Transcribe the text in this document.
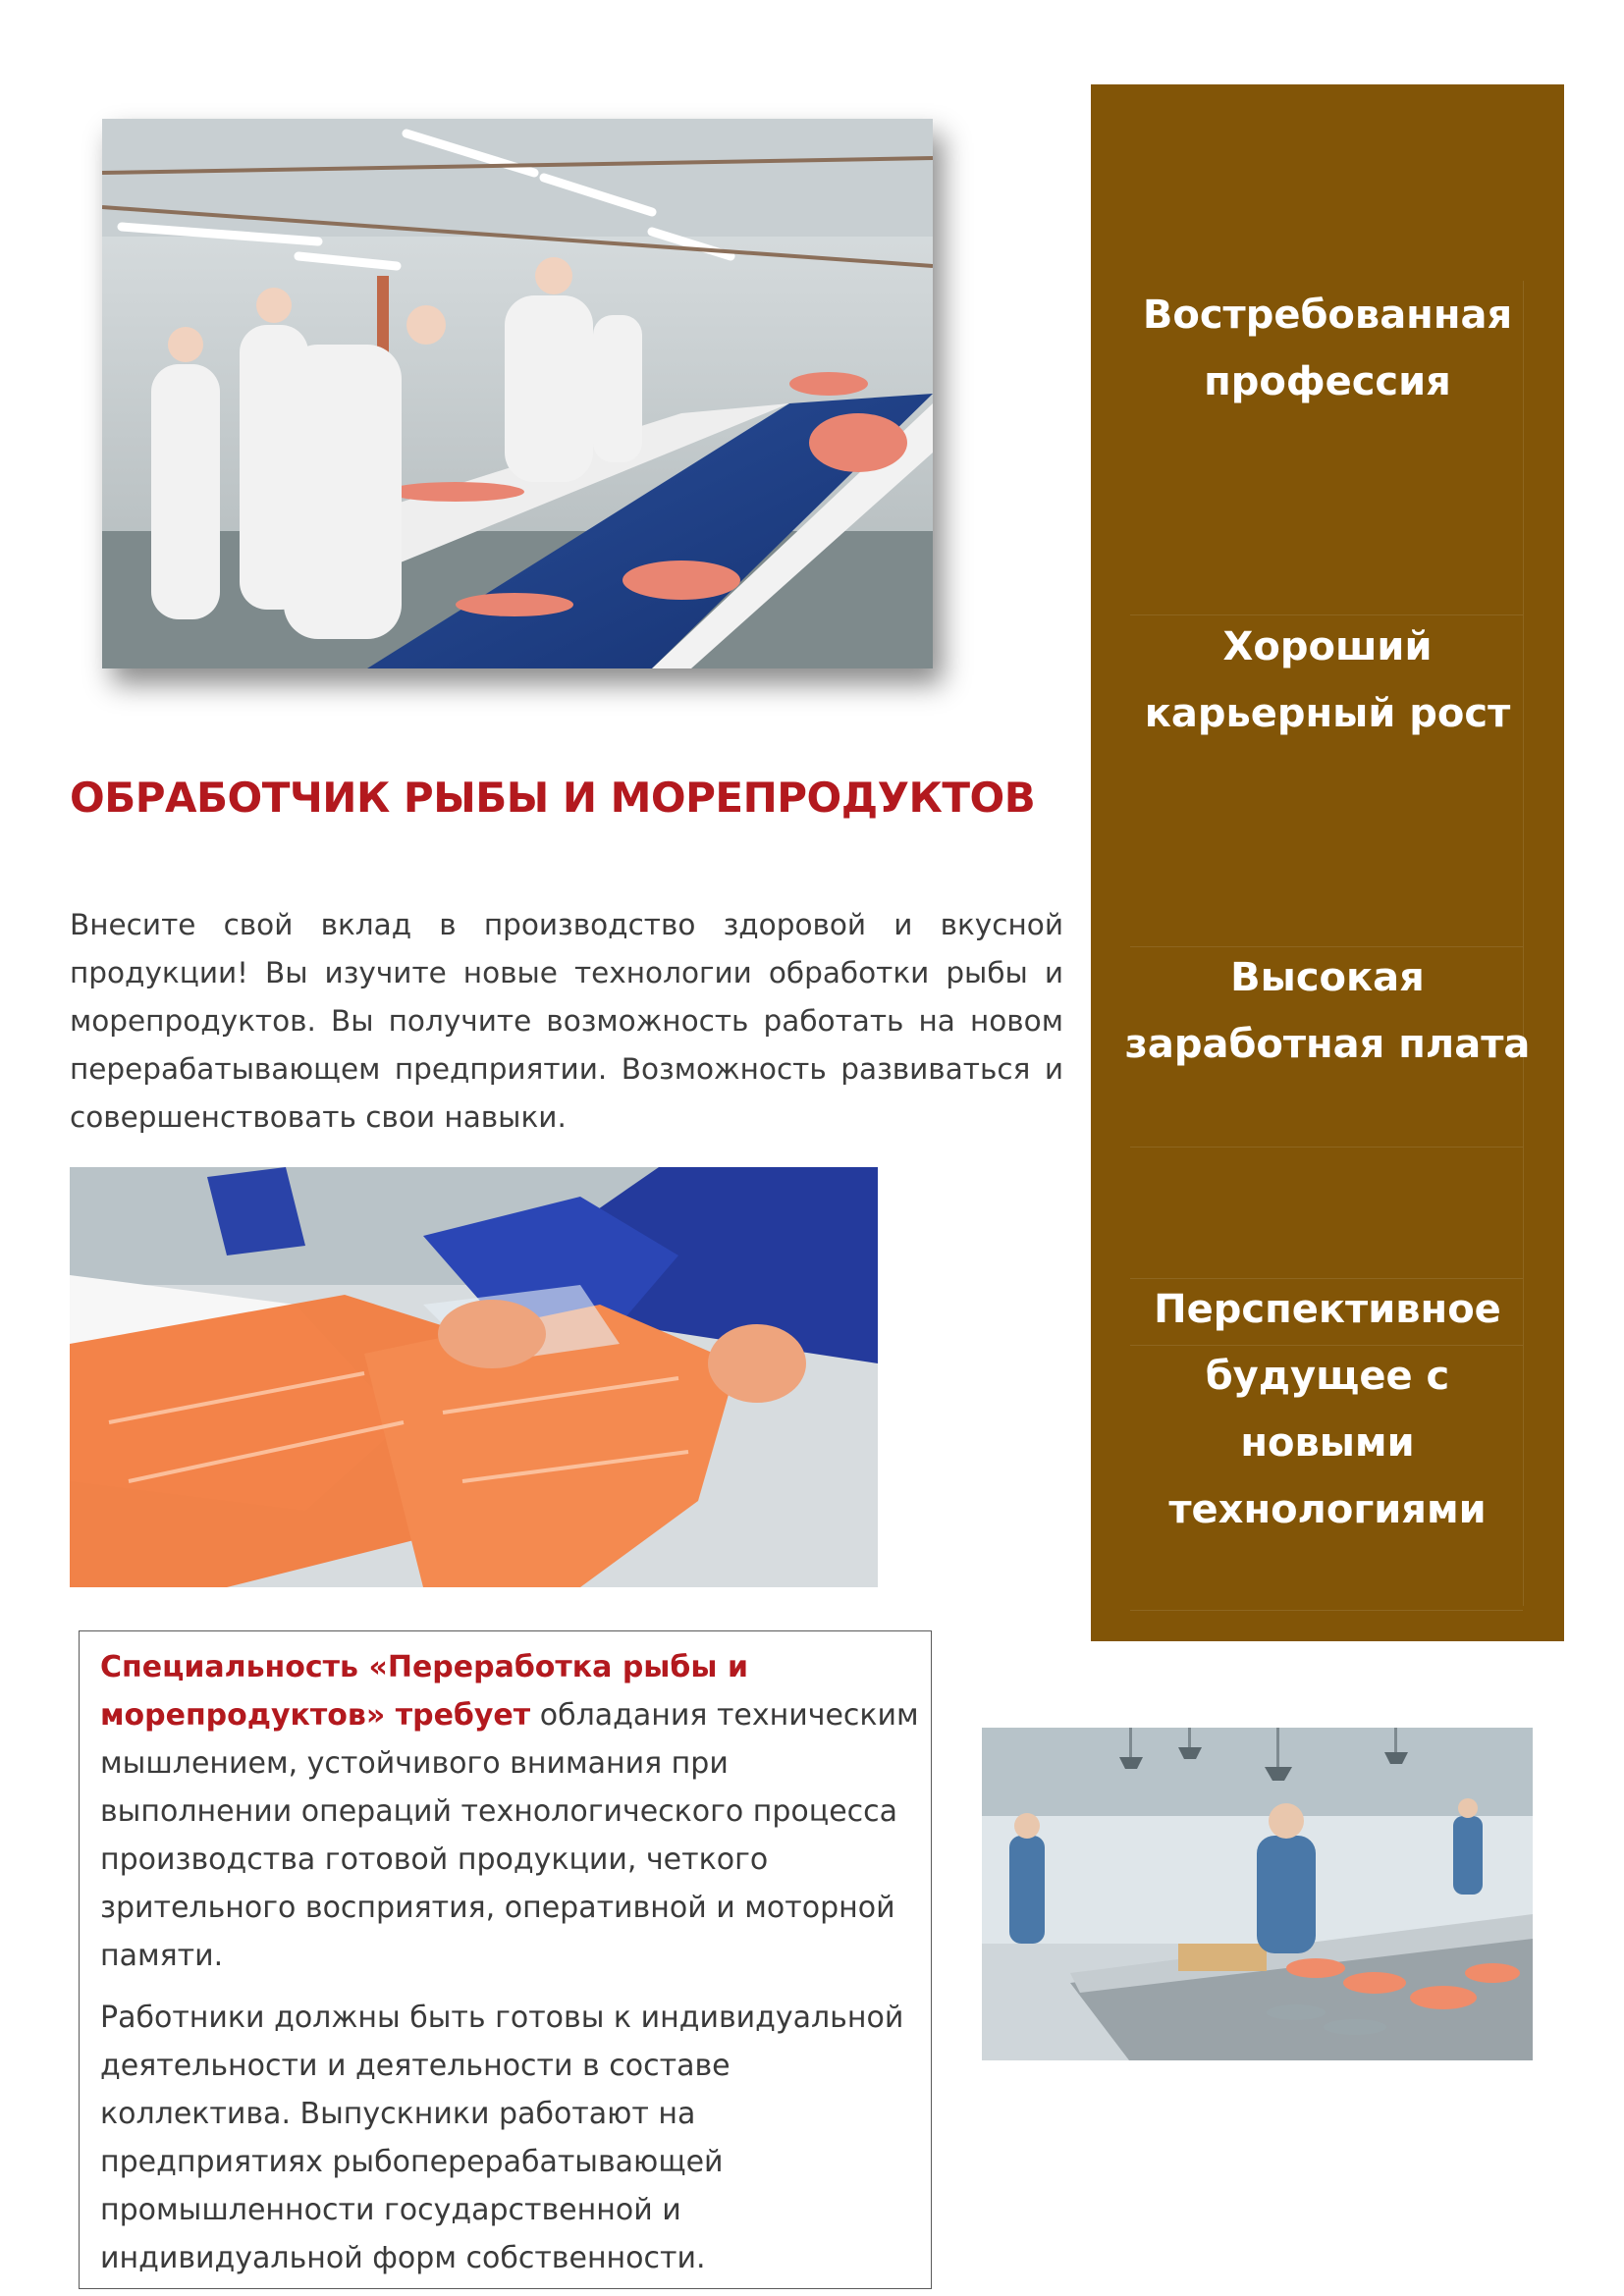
ОБРАБОТЧИК РЫБЫ И МОРЕПРОДУКТОВ

Внесите свой вклад в производство здоровой и вкусной продукции! Вы изучите новые технологии обработки рыбы и морепродуктов. Вы получите возможность работать на новом перерабатывающем предприятии. Возможность развиваться и совершенствовать свои навыки.

Востребованная
профессия
Хороший
карьерный рост
Высокая
заработная плата
Перспективное
будущее с
новыми
технологиями

Специальность «Переработка рыбы и морепродуктов» требует обладания техническим мышлением, устойчивого внимания при выполнении операций технологического процесса производства готовой продукции, четкого зрительного восприятия, оперативной и моторной памяти.

Работники должны быть готовы к индивидуальной деятельности и деятельности в составе коллектива. Выпускники работают на предприятиях рыбоперерабатывающей промышленности государственной и индивидуальной форм собственности.
